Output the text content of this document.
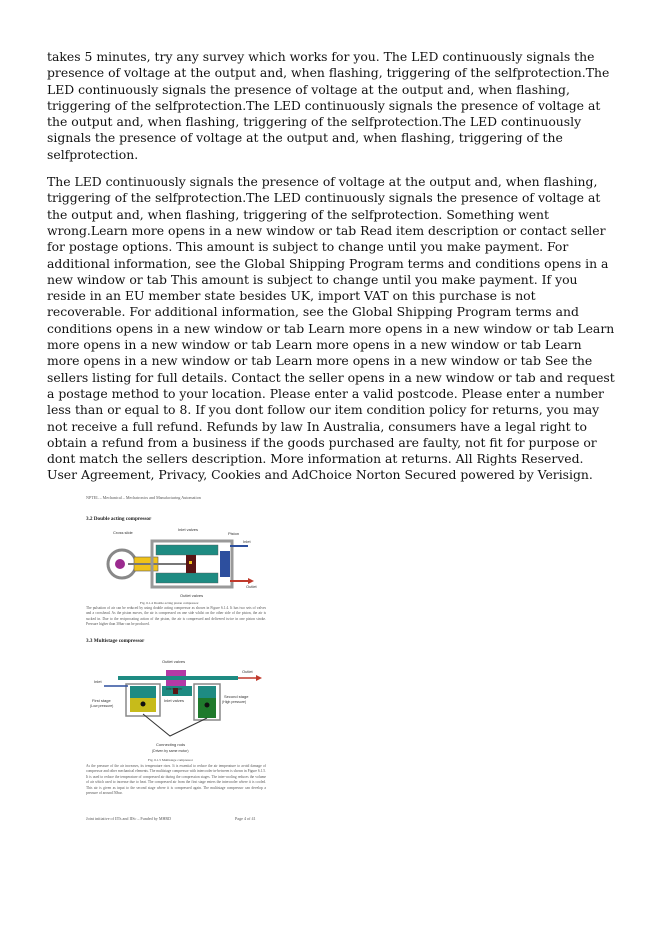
takes 5 minutes, try any survey which works for you. The LED continuously signals the presence of voltage at the output and, when flashing, triggering of the selfprotection.The LED continuously signals the presence of voltage at the output and, when flashing, triggering of the selfprotection.The LED continuously signals the presence of voltage at the output and, when flashing, triggering of the selfprotection.The LED continuously signals the presence of voltage at the output and, when flashing, triggering of the selfprotection.

The LED continuously signals the presence of voltage at the output and, when flashing, triggering of the selfprotection.The LED continuously signals the presence of voltage at the output and, when flashing, triggering of the selfprotection. Something went wrong.Learn more opens in a new window or tab Read item description or contact seller for postage options. This amount is subject to change until you make payment. For additional information, see the Global Shipping Program terms and conditions opens in a new window or tab This amount is subject to change until you make payment. If you reside in an EU member state besides UK, import VAT on this purchase is not recoverable. For additional information, see the Global Shipping Program terms and conditions opens in a new window or tab Learn more opens in a new window or tab Learn more opens in a new window or tab Learn more opens in a new window or tab Learn more opens in a new window or tab Learn more opens in a new window or tab See the sellers listing for full details. Contact the seller opens in a new window or tab and request a postage method to your location. Please enter a valid postcode. Please enter a number less than or equal to 8. If you dont follow our item condition policy for returns, you may not receive a full refund. Refunds by law In Australia, consumers have a legal right to obtain a refund from a business if the goods purchased are faulty, not fit for purpose or dont match the sellers description. More information at returns. All Rights Reserved. User Agreement, Privacy, Cookies and AdChoice Norton Secured powered by Verisign.

NPTEL – Mechanical – Mechatronics and Manufacturing Automation
3.2 Double acting compressor
Cross slide
Inlet valves
Piston
Inlet
Outlet
Outlet valves
Fig. 6.1.4 Double acting piston compressor
The pulsation of air can be reduced by using double acting compressor as shown in Figure 6.1.4. It has two sets of valves and a crosshead. As the piston moves, the air is compressed on one side whilst on the other side of the piston, the air is sucked in. Due to the reciprocating action of the piston, the air is compressed and delivered twice in one piston stroke. Pressure higher than 30bar can be produced.
3.3 Multistage compressor
Outlet valves
Outlet
Intercooler
Inlet
Inlet valves
First stage
(Low pressure)
Second stage
(High pressure)
Connecting rods
(Driven by same motor)
Fig. 6.1.5 Multistage compressor
As the pressure of the air increases, its temperature rises. It is essential to reduce the air temperature to avoid damage of compressor and other mechanical elements. The multistage compressor with intercooler in-between is shown in Figure 6.1.5. It is used to reduce the temperature of compressed air during the compression stages. The inter-cooling reduces the volume of air which used to increase due to heat. The compressed air from the first stage enters the intercooler where it is cooled. This air is given as input to the second stage where it is compressed again. The multistage compressor can develop a pressure of around 50bar.
Joint initiative of IITs and IISc – Funded by MHRD	Page 4 of 41
